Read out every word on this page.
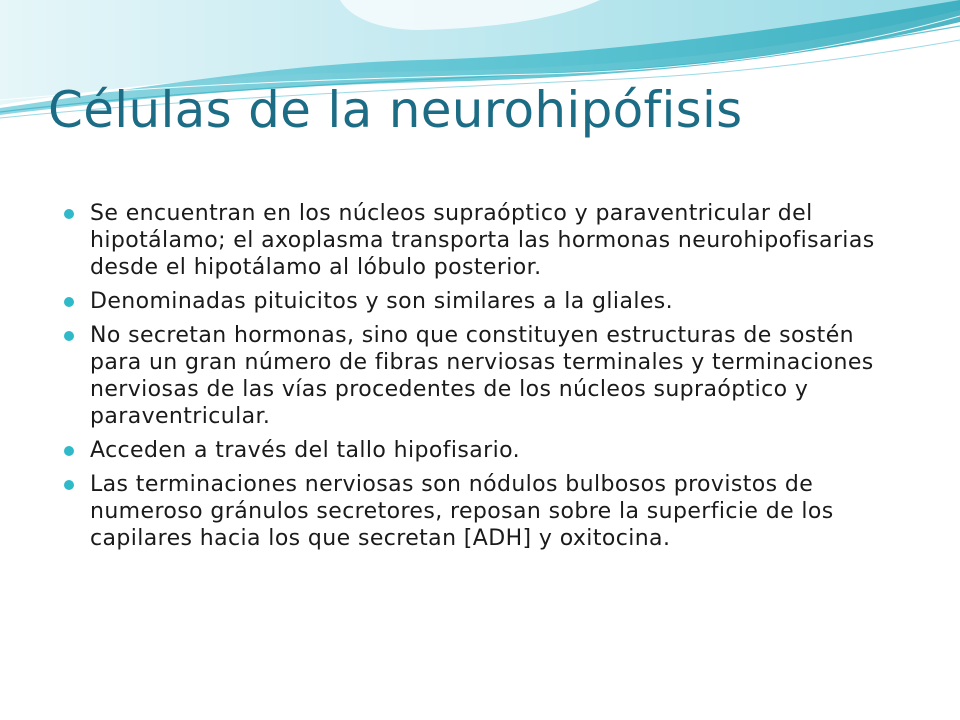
Células de la neurohipófisis
Se encuentran en los núcleos supraóptico y paraventricular del hipotálamo; el axoplasma transporta las hormonas neurohipofisarias desde el hipotálamo al lóbulo posterior.
Denominadas pituicitos y son similares a la gliales.
No secretan hormonas, sino que constituyen estructuras de sostén para un gran número de fibras nerviosas terminales y terminaciones nerviosas de las vías procedentes de los núcleos supraóptico y paraventricular.
Acceden a través del tallo hipofisario.
Las terminaciones nerviosas son nódulos bulbosos provistos de numeroso gránulos secretores, reposan sobre la superficie de los capilares hacia los que secretan [ADH] y oxitocina.
